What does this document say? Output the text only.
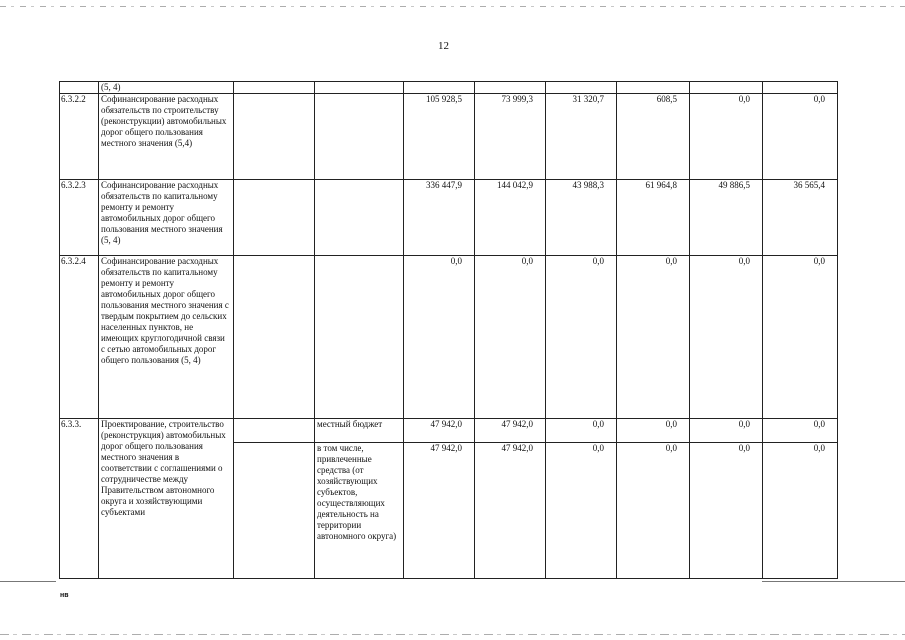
12
	(5, 4)								
6.3.2.2	Софинансирование расходных обязательств по строительству (реконструкции) автомобильных дорог общего пользования местного значения (5,4)			105 928,5	73 999,3	31 320,7	608,5	0,0	0,0
6.3.2.3	Софинансирование расходных обязательств по капитальному ремонту и ремонту автомобильных дорог общего пользования местного значения (5, 4)			336 447,9	144 042,9	43 988,3	61 964,8	49 886,5	36 565,4
6.3.2.4	Софинансирование расходных обязательств по капитальному ремонту и ремонту автомобильных дорог общего пользования местного значения с твердым покрытием до сельских населенных пунктов, не имеющих круглогодичной связи с сетью автомобильных дорог общего пользования (5, 4)			0,0	0,0	0,0	0,0	0,0	0,0
6.3.3.	Проектирование, строительство (реконструкция) автомобильных дорог общего пользования местного значения в соответствии с соглашениями о сотрудничестве между Правительством автономного округа и хозяйствующими субъектами		местный бюджет	47 942,0	47 942,0	0,0	0,0	0,0	0,0
			в том числе, привлеченные средства (от хозяйствующих субъектов, осуществляющих деятельность на территории автономного округа)	47 942,0	47 942,0	0,0	0,0	0,0	0,0
нв
